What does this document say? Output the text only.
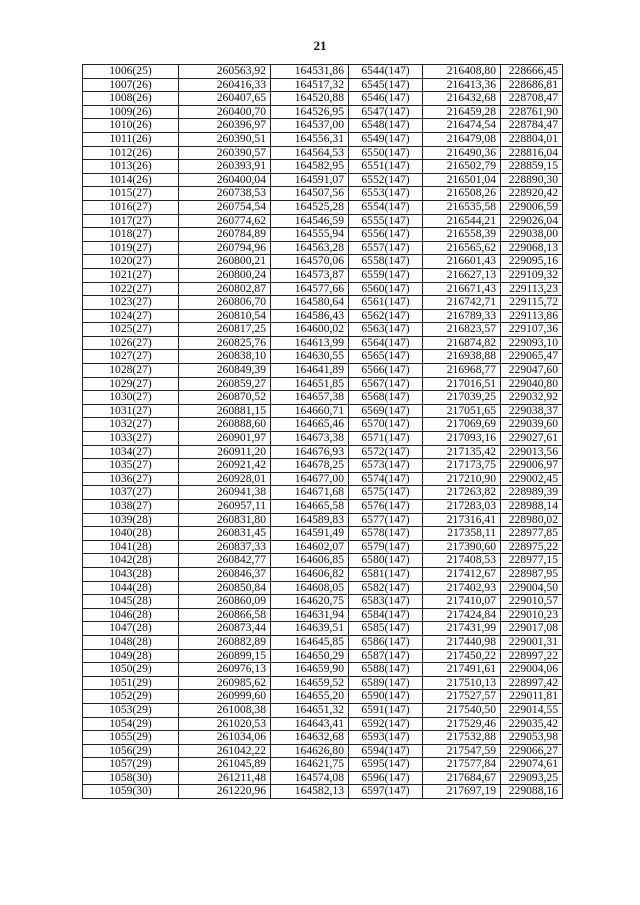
21
1006(25)	260563,92	164531,86	6544(147)	216408,80	228666,45
1007(26)	260416,33	164517,32	6545(147)	216413,36	228686,81
1008(26)	260407,65	164520,88	6546(147)	216432,68	228708,47
1009(26)	260400,70	164526,95	6547(147)	216459,28	228761,90
1010(26)	260396,97	164537,00	6548(147)	216474,54	228784,47
1011(26)	260390,51	164556,31	6549(147)	216479,08	228804,01
1012(26)	260390,57	164564,53	6550(147)	216490,36	228816,04
1013(26)	260393,91	164582,95	6551(147)	216502,79	228859,15
1014(26)	260400,04	164591,07	6552(147)	216501,04	228890,30
1015(27)	260738,53	164507,56	6553(147)	216508,26	228920,42
1016(27)	260754,54	164525,28	6554(147)	216535,58	229006,59
1017(27)	260774,62	164546,59	6555(147)	216544,21	229026,04
1018(27)	260784,89	164555,94	6556(147)	216558,39	229038,00
1019(27)	260794,96	164563,28	6557(147)	216565,62	229068,13
1020(27)	260800,21	164570,06	6558(147)	216601,43	229095,16
1021(27)	260800,24	164573,87	6559(147)	216627,13	229109,32
1022(27)	260802,87	164577,66	6560(147)	216671,43	229113,23
1023(27)	260806,70	164580,64	6561(147)	216742,71	229115,72
1024(27)	260810,54	164586,43	6562(147)	216789,33	229113,86
1025(27)	260817,25	164600,02	6563(147)	216823,57	229107,36
1026(27)	260825,76	164613,99	6564(147)	216874,82	229093,10
1027(27)	260838,10	164630,55	6565(147)	216938,88	229065,47
1028(27)	260849,39	164641,89	6566(147)	216968,77	229047,60
1029(27)	260859,27	164651,85	6567(147)	217016,51	229040,80
1030(27)	260870,52	164657,38	6568(147)	217039,25	229032,92
1031(27)	260881,15	164660,71	6569(147)	217051,65	229038,37
1032(27)	260888,60	164665,46	6570(147)	217069,69	229039,60
1033(27)	260901,97	164673,38	6571(147)	217093,16	229027,61
1034(27)	260911,20	164676,93	6572(147)	217135,42	229013,56
1035(27)	260921,42	164678,25	6573(147)	217173,75	229006,97
1036(27)	260928,01	164677,00	6574(147)	217210,90	229002,45
1037(27)	260941,38	164671,68	6575(147)	217263,82	228989,39
1038(27)	260957,11	164665,58	6576(147)	217283,03	228988,14
1039(28)	260831,80	164589,83	6577(147)	217316,41	228980,02
1040(28)	260831,45	164591,49	6578(147)	217358,11	228977,85
1041(28)	260837,33	164602,07	6579(147)	217390,60	228975,22
1042(28)	260842,77	164606,85	6580(147)	217408,53	228977,15
1043(28)	260846,37	164606,82	6581(147)	217412,67	228987,95
1044(28)	260850,84	164608,05	6582(147)	217402,93	229004,50
1045(28)	260860,09	164620,75	6583(147)	217410,07	229010,57
1046(28)	260866,58	164631,94	6584(147)	217424,84	229010,23
1047(28)	260873,44	164639,51	6585(147)	217431,99	229017,08
1048(28)	260882,89	164645,85	6586(147)	217440,98	229001,31
1049(28)	260899,15	164650,29	6587(147)	217450,22	228997,22
1050(29)	260976,13	164659,90	6588(147)	217491,61	229004,06
1051(29)	260985,62	164659,52	6589(147)	217510,13	228997,42
1052(29)	260999,60	164655,20	6590(147)	217527,57	229011,81
1053(29)	261008,38	164651,32	6591(147)	217540,50	229014,55
1054(29)	261020,53	164643,41	6592(147)	217529,46	229035,42
1055(29)	261034,06	164632,68	6593(147)	217532,88	229053,98
1056(29)	261042,22	164626,80	6594(147)	217547,59	229066,27
1057(29)	261045,89	164621,75	6595(147)	217577,84	229074,61
1058(30)	261211,48	164574,08	6596(147)	217684,67	229093,25
1059(30)	261220,96	164582,13	6597(147)	217697,19	229088,16
